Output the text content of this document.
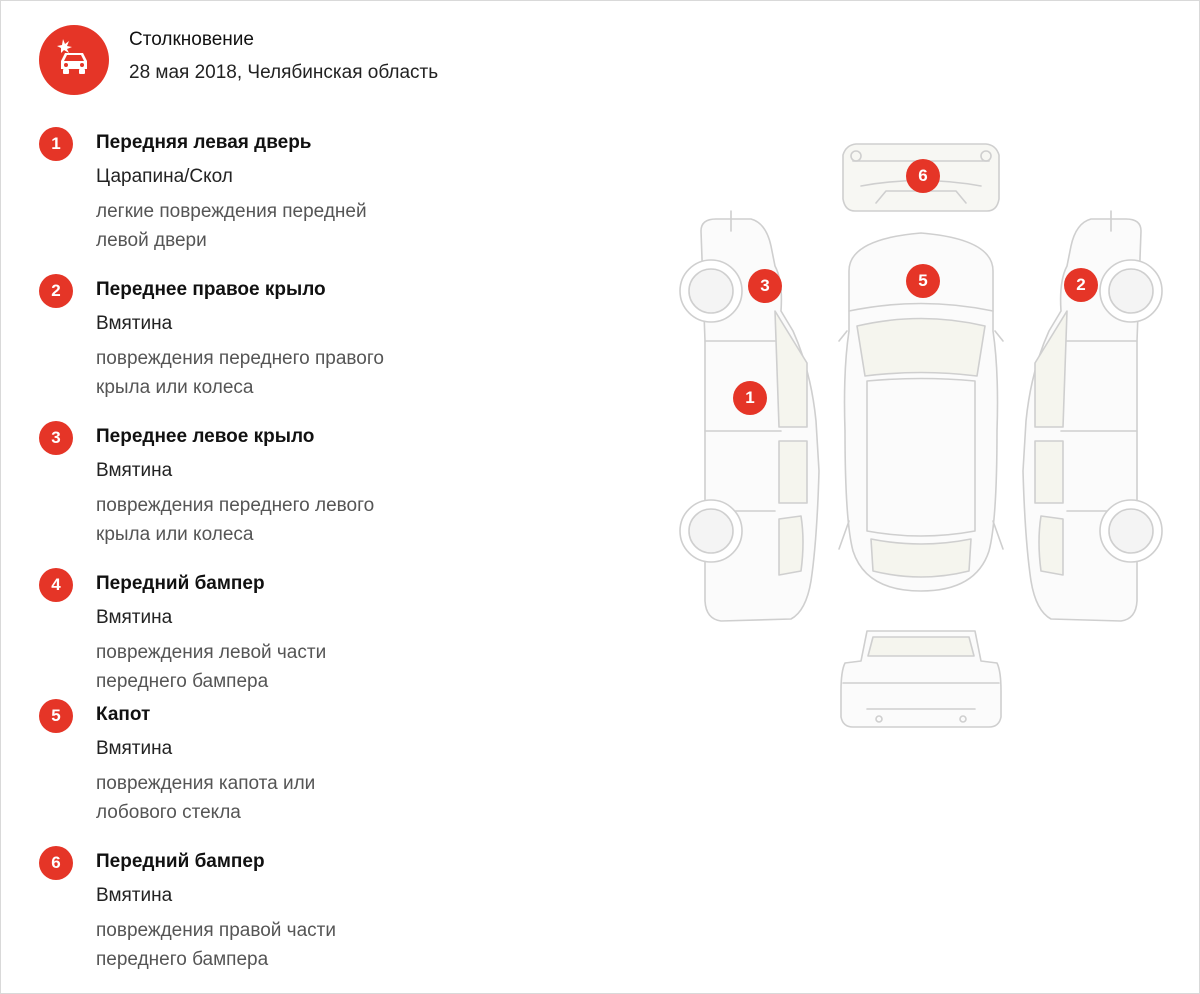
Столкновение
28 мая 2018, Челябинская область
1	Передняя левая дверь
Царапина/Скол
легкие повреждения передней левой двери
2	Переднее правое крыло
Вмятина
повреждения переднего правого крыла или колеса
3	Переднее левое крыло
Вмятина
повреждения переднего левого крыла или колеса
4	Передний бампер
Вмятина
повреждения левой части переднего бампера
5	Капот
Вмятина
повреждения капота или лобового стекла
6	Передний бампер
Вмятина
повреждения правой части переднего бампера
6
5
3	2
1
